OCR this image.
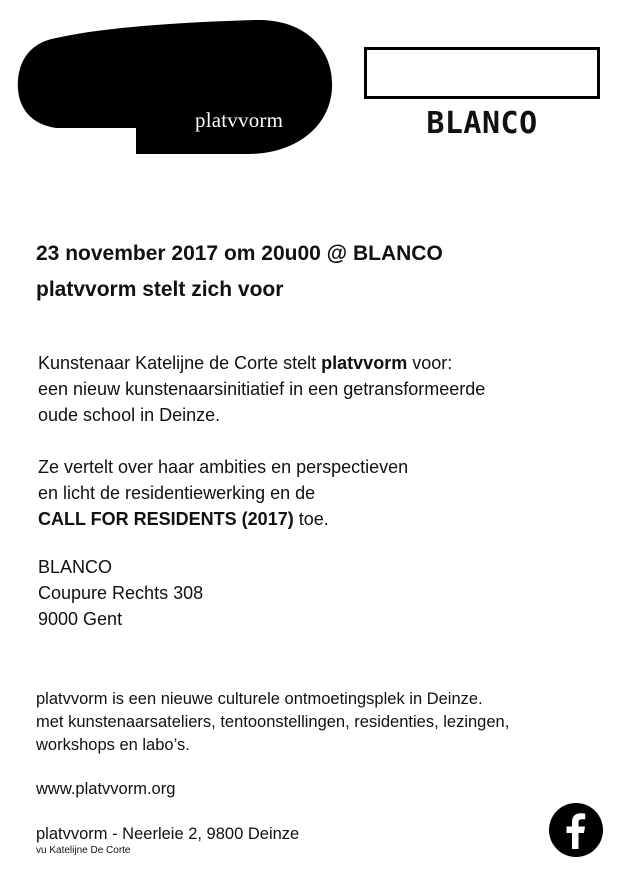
platvvorm	BLANCO
23 november 2017 om 20u00 @ BLANCO
platvvorm stelt zich voor
Kunstenaar Katelijne de Corte stelt platvvorm voor:
een nieuw kunstenaarsinitiatief in een getransformeerde
oude school in Deinze.
Ze vertelt over haar ambities en perspectieven
en licht de residentiewerking en de
CALL FOR RESIDENTS (2017) toe.
BLANCO
Coupure Rechts 308
9000 Gent
platvvorm is een nieuwe culturele ontmoetingsplek in Deinze.
met kunstenaarsateliers, tentoonstellingen, residenties, lezingen,
workshops en labo’s.
www.platvvorm.org
platvvorm - Neerleie 2, 9800 Deinze
vu Katelijne De Corte
